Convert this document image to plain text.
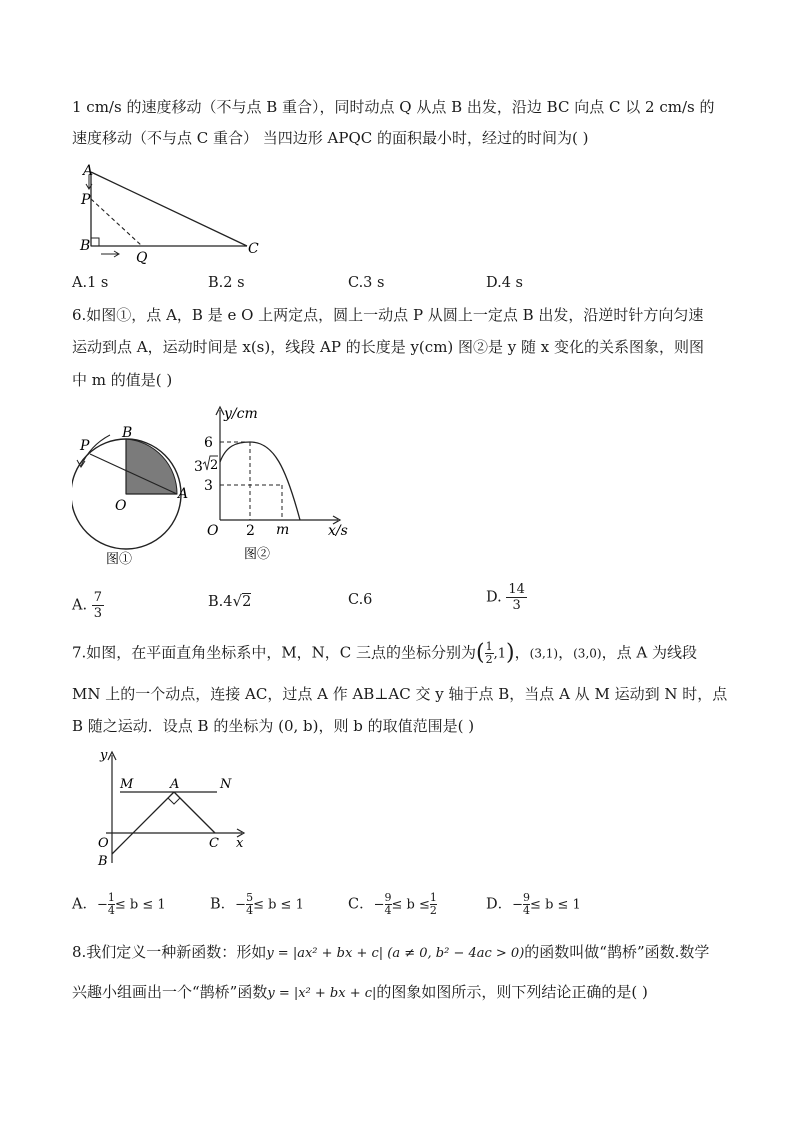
1 cm/s 的速度移动（不与点 B 重合），同时动点 Q 从点 B 出发，沿边 BC 向点 C 以 2 cm/s 的
速度移动（不与点 C 重合） 当四边形 APQC 的面积最小时，经过的时间为( )
A
P
B
Q
C
A.1 s	B.2 s	C.3 s	D.4 s
6.如图①，点 A，B 是 e O 上两定点，圆上一动点 P 从圆上一定点 B 出发，沿逆时针方向匀速
运动到点 A，运动时间是 x(s)，线段 AP 的长度是 y(cm) 图②是 y 随 x 变化的关系图象，则图
中 m 的值是( )
P
B
O
A
图①
y/cm
6
3 2
3
O 2 m	x/s
图②
A. $\frac{7}{3}$	B.4√2	C.6	D. $\frac{14}{3}$
7.如图，在平面直角坐标系中，M，N，C 三点的坐标分别为( $\frac{1}{2} ,1$)，(3,1)，(3,0)，点 A 为线段
MN 上的一个动点，连接 AC，过点 A 作 AB⊥AC 交 y 轴于点 B，当点 A 从 M 运动到 N 时，点
B 随之运动．设点 B 的坐标为 (0, b)，则 b 的取值范围是( )
y
M	A	N
O
B
C x
A．− $\frac{1}{4} \le b \le 1$	B．− $\frac{5}{4} \le b \le 1$	C．− $\frac{9}{4} \le b \le \frac{1}{2}$	D．− $\frac{9}{4} \le b \le 1$
8.我们定义一种新函数：形如y = |ax² + bx + c| (a ≠ 0, b² − 4ac > 0)的函数叫做“鹊桥”函数.数学
兴趣小组画出一个“鹊桥”函数y = |x² + bx + c|的图象如图所示，则下列结论正确的是( )
